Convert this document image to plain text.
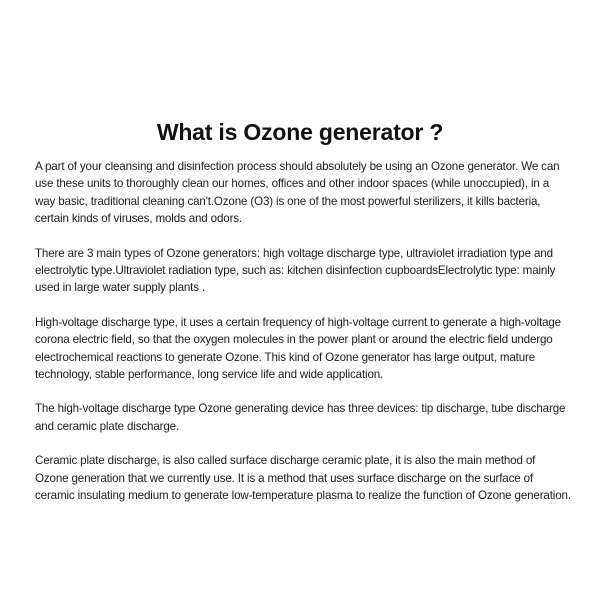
What is Ozone generator ?

A part of your cleansing and disinfection process should absolutely be using an Ozone generator. We can use these units to thoroughly clean our homes, offices and other indoor spaces (while unoccupied), in a way basic, traditional cleaning can't.Ozone (O3) is one of the most powerful sterilizers, it kills bacteria, certain kinds of viruses, molds and odors.

There are 3 main types of Ozone generators: high voltage discharge type, ultraviolet irradiation type and electrolytic type.Ultraviolet radiation type, such as: kitchen disinfection cupboardsElectrolytic type: mainly used in large water supply plants .

High-voltage discharge type, it uses a certain frequency of high-voltage current to generate a high-voltage corona electric field, so that the oxygen molecules in the power plant or around the electric field undergo electrochemical reactions to generate Ozone. This kind of Ozone generator has large output, mature technology, stable performance, long service life and wide application.

The high-voltage discharge type Ozone generating device has three devices: tip discharge, tube discharge and ceramic plate discharge.

Ceramic plate discharge, is also called surface discharge ceramic plate, it is also the main method of Ozone generation that we currently use. It is a method that uses surface discharge on the surface of ceramic insulating medium to generate low-temperature plasma to realize the function of Ozone generation.
